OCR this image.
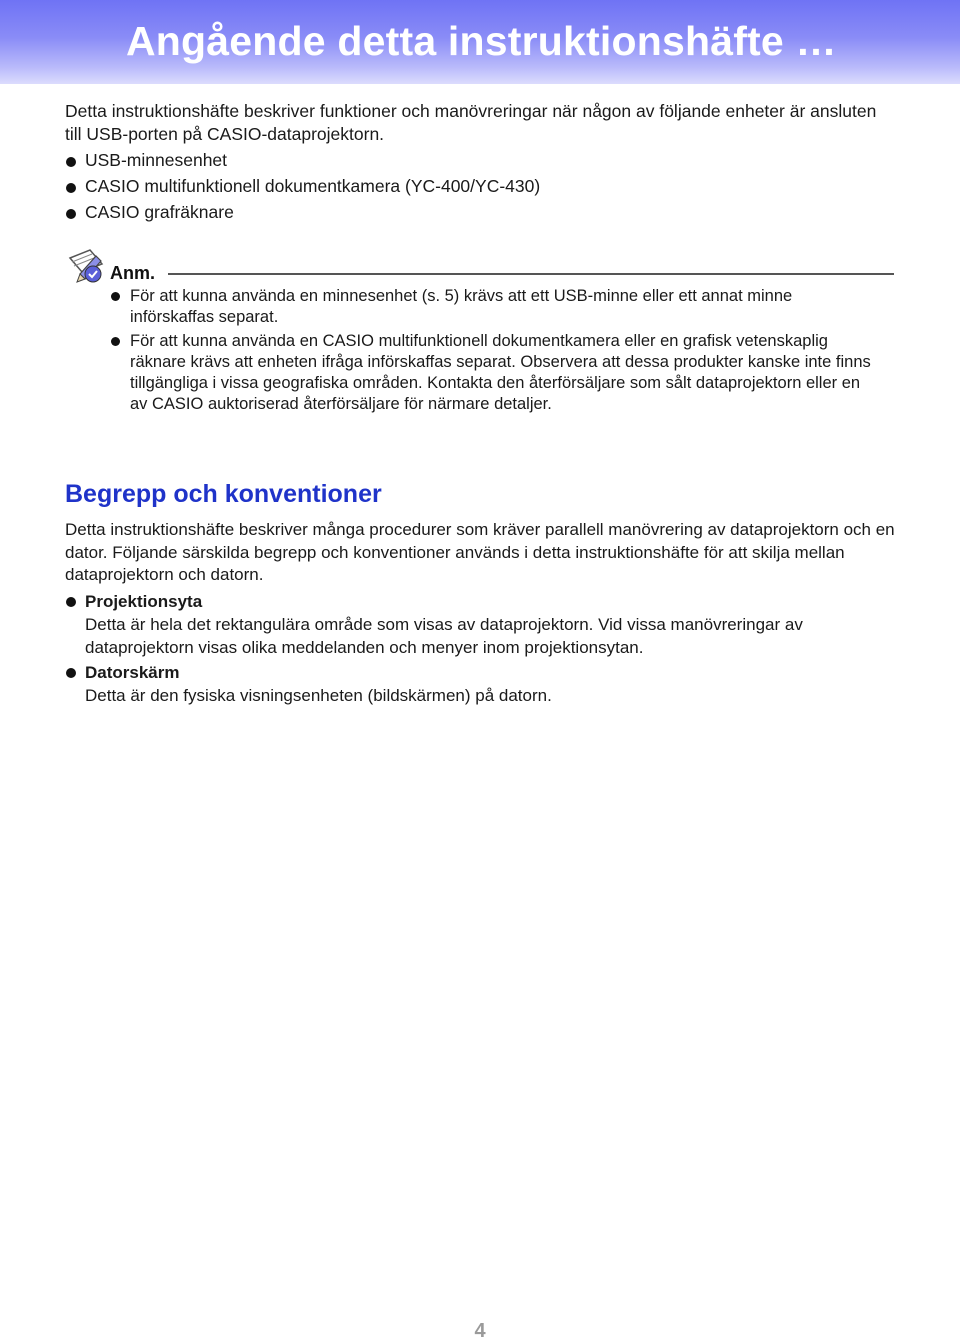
Angående detta instruktionshäfte …

Detta instruktionshäfte beskriver funktioner och manövreringar när någon av följande enheter är ansluten till USB-porten på CASIO-dataprojektorn.

USB-minnesenhet
CASIO multifunktionell dokumentkamera (YC-400/YC-430)
CASIO grafräknare

Anm.

För att kunna använda en minnesenhet (s. 5) krävs att ett USB-minne eller ett annat minne införskaffas separat.
För att kunna använda en CASIO multifunktionell dokumentkamera eller en grafisk vetenskaplig räknare krävs att enheten ifråga införskaffas separat. Observera att dessa produkter kanske inte finns tillgängliga i vissa geografiska områden. Kontakta den återförsäljare som sålt dataprojektorn eller en av CASIO auktoriserad återförsäljare för närmare detaljer.
Begrepp och konventioner

Detta instruktionshäfte beskriver många procedurer som kräver parallell manövrering av dataprojektorn och en dator. Följande särskilda begrepp och konventioner används i detta instruktionshäfte för att skilja mellan dataprojektorn och datorn.

Projektionsyta
Detta är hela det rektangulära område som visas av dataprojektorn. Vid vissa manövreringar av dataprojektorn visas olika meddelanden och menyer inom projektionsytan.
Datorskärm
Detta är den fysiska visningsenheten (bildskärmen) på datorn.

4
